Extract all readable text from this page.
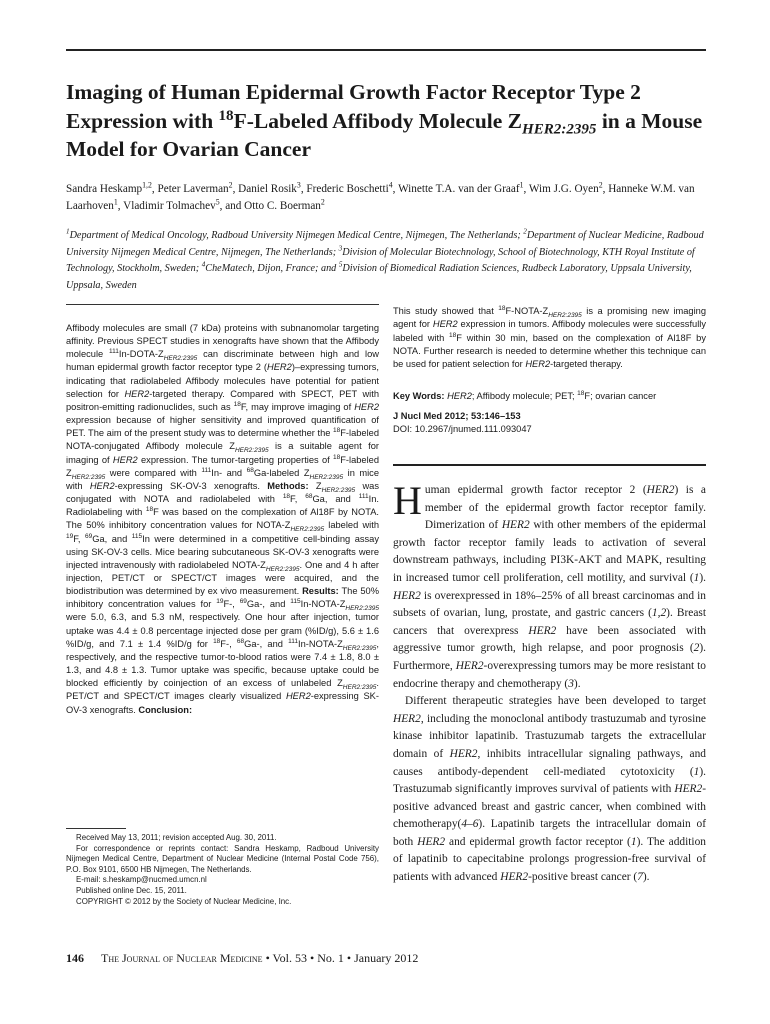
Imaging of Human Epidermal Growth Factor Receptor Type 2 Expression with $^{18}$F-Labeled Affibody Molecule $Z_{HER2:2395}$ in a Mouse Model for Ovarian Cancer

Sandra Heskamp$^{1,2}$, Peter Laverman$^2$, Daniel Rosik$^3$, Frederic Boschetti$^4$, Winette T.A. van der Graaf$^1$, Wim J.G. Oyen$^2$, Hanneke W.M. van Laarhoven$^1$, Vladimir Tolmachev$^5$, and Otto C. Boerman$^2$

$^1$Department of Medical Oncology, Radboud University Nijmegen Medical Centre, Nijmegen, The Netherlands; $^2$Department of Nuclear Medicine, Radboud University Nijmegen Medical Centre, Nijmegen, The Netherlands; $^3$Division of Molecular Biotechnology, School of Biotechnology, KTH Royal Institute of Technology, Stockholm, Sweden; $^4$CheMatech, Dijon, France; and $^5$Division of Biomedical Radiation Sciences, Rudbeck Laboratory, Uppsala University, Uppsala, Sweden

Affibody molecules are small (7 kDa) proteins with subnanomolar targeting affinity. Previous SPECT studies in xenografts have shown that the Affibody molecule $^{111}In-DOTA-Z_{HER2:2395}$ can discriminate between high and low human epidermal growth factor receptor type 2 (HER2)–expressing tumors, indicating that radiolabeled Affibody molecules have potential for patient selection for HER2-targeted therapy. Compared with SPECT, PET with positron-emitting radionuclides, such as $^{18}$F, may improve imaging of HER2 expression because of higher sensitivity and improved quantification of PET. The aim of the present study was to determine whether the $^{18}$F-labeled NOTA-conjugated Affibody molecule $Z_{HER2:2395}$ is a suitable agent for imaging of HER2 expression. The tumor-targeting properties of $^{18}$F-labeled $Z_{HER2:2395}$ were compared with $^{111}$In- and $^{68}$Ga-labeled $Z_{HER2:2395}$ in mice with HER2-expressing SK-OV-3 xenografts. Methods: $Z_{HER2:2395}$ was conjugated with NOTA and radiolabeled with $^{18}$F, $^{68}$Ga, and $^{111}$In. Radiolabeling with $^{18}$F was based on the complexation of Al18F by NOTA. The 50% inhibitory concentration values for NOTA-$Z_{HER2:2395}$ labeled with $^{19}$F, $^{69}$Ga, and $^{115}$In were determined in a competitive cell-binding assay using SK-OV-3 cells. Mice bearing subcutaneous SK-OV-3 xenografts were injected intravenously with radiolabeled NOTA-$Z_{HER2:2395}$. One and 4 h after injection, PET/CT or SPECT/CT images were acquired, and the biodistribution was determined by ex vivo measurement. Results: The 50% inhibitory concentration values for $^{19}$F-, $^{69}$Ga-, and $^{115}In-NOTA-Z_{HER2:2395}$ were 5.0, 6.3, and 5.3 nM, respectively. One hour after injection, tumor uptake was 4.4 ± 0.8 percentage injected dose per gram (%ID/g), 5.6 ± 1.6 %ID/g, and 7.1 ± 1.4 %ID/g for $^{18}$F-, $^{68}$Ga-, and $^{111}In-NOTA-Z_{HER2:2395}$, respectively, and the respective tumor-to-blood ratios were 7.4 ± 1.8, 8.0 ± 1.3, and 4.8 ± 1.3. Tumor uptake was specific, because uptake could be blocked efficiently by coinjection of an excess of unlabeled $Z_{HER2:2395}$. PET/CT and SPECT/CT images clearly visualized HER2-expressing SK-OV-3 xenografts. Conclusion:

Received May 13, 2011; revision accepted Aug. 30, 2011.

For correspondence or reprints contact: Sandra Heskamp, Radboud University Nijmegen Medical Centre, Department of Nuclear Medicine (Internal Postal Code 756), P.O. Box 9101, 6500 HB Nijmegen, The Netherlands.

E-mail: s.heskamp@nucmed.umcn.nl

Published online Dec. 15, 2011.

COPYRIGHT © 2012 by the Society of Nuclear Medicine, Inc.

This study showed that $^{18}F-NOTA-Z_{HER2:2395}$ is a promising new imaging agent for HER2 expression in tumors. Affibody molecules were successfully labeled with $^{18}$F within 30 min, based on the complexation of Al18F by NOTA. Further research is needed to determine whether this technique can be used for patient selection for HER2-targeted therapy.

Key Words: HER2; Affibody molecule; PET; $^{18}$F; ovarian cancer

J Nucl Med 2012; 53:146–153
DOI: 10.2967/jnumed.111.093047

Human epidermal growth factor receptor 2 (HER2) is a member of the epidermal growth factor receptor family. Dimerization of HER2 with other members of the epidermal growth factor receptor family leads to activation of several downstream pathways, including PI3K-AKT and MAPK, resulting in increased tumor cell proliferation, cell motility, and survival (1). HER2 is overexpressed in 18%–25% of all breast carcinomas and in subsets of ovarian, lung, prostate, and gastric cancers (1,2). Breast cancers that overexpress HER2 have been associated with aggressive tumor growth, high relapse, and poor prognosis (2). Furthermore, HER2-overexpressing tumors may be more resistant to endocrine therapy and chemotherapy (3).

Different therapeutic strategies have been developed to target HER2, including the monoclonal antibody trastuzumab and tyrosine kinase inhibitor lapatinib. Trastuzumab targets the extracellular domain of HER2, inhibits intracellular signaling pathways, and causes antibody-dependent cell-mediated cytotoxicity (1). Trastuzumab significantly improves survival of patients with HER2-positive advanced breast and gastric cancer, when combined with chemotherapy(4–6). Lapatinib targets the intracellular domain of both HER2 and epidermal growth factor receptor (1). The addition of lapatinib to capecitabine prolongs progression-free survival of patients with advanced HER2-positive breast cancer (7).

146 The Journal of Nuclear Medicine • Vol. 53 • No. 1 • January 2012
